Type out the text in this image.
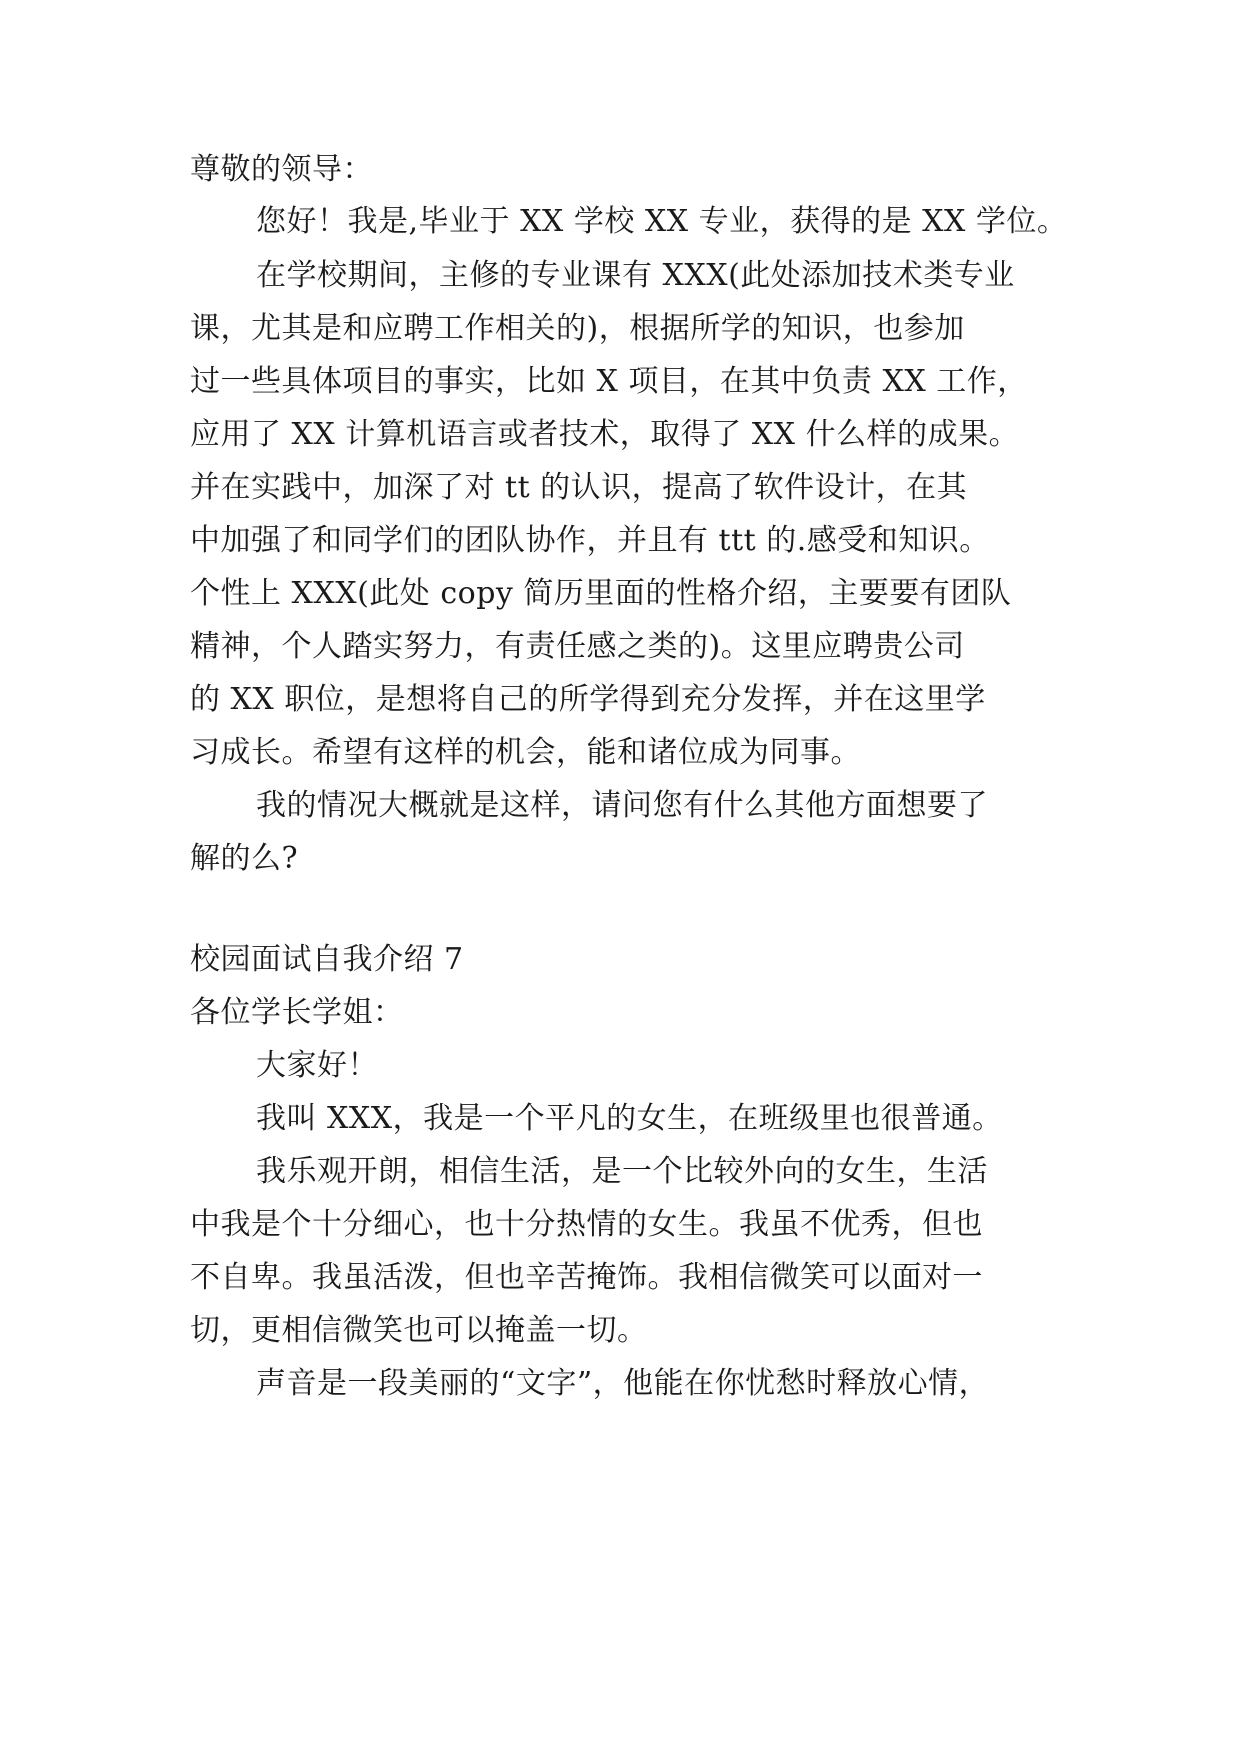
尊敬的领导：
您好！我是,毕业于 XX 学校 XX 专业，获得的是 XX 学位。
在学校期间，主修的专业课有 XXX(此处添加技术类专业
课，尤其是和应聘工作相关的)，根据所学的知识，也参加
过一些具体项目的事实，比如 X 项目，在其中负责 XX 工作，
应用了 XX 计算机语言或者技术，取得了 XX 什么样的成果。
并在实践中，加深了对 tt 的认识，提高了软件设计，在其
中加强了和同学们的团队协作，并且有 ttt 的.感受和知识。
个性上 XXX(此处 copy 简历里面的性格介绍，主要要有团队
精神，个人踏实努力，有责任感之类的)。这里应聘贵公司
的 XX 职位，是想将自己的所学得到充分发挥，并在这里学
习成长。希望有这样的机会，能和诸位成为同事。
我的情况大概就是这样，请问您有什么其他方面想要了
解的么?
校园面试自我介绍 7
各位学长学姐：
大家好！
我叫 XXX，我是一个平凡的女生，在班级里也很普通。
我乐观开朗，相信生活，是一个比较外向的女生，生活
中我是个十分细心，也十分热情的女生。我虽不优秀，但也
不自卑。我虽活泼，但也辛苦掩饰。我相信微笑可以面对一
切，更相信微笑也可以掩盖一切。
声音是一段美丽的“文字”，他能在你忧愁时释放心情，
